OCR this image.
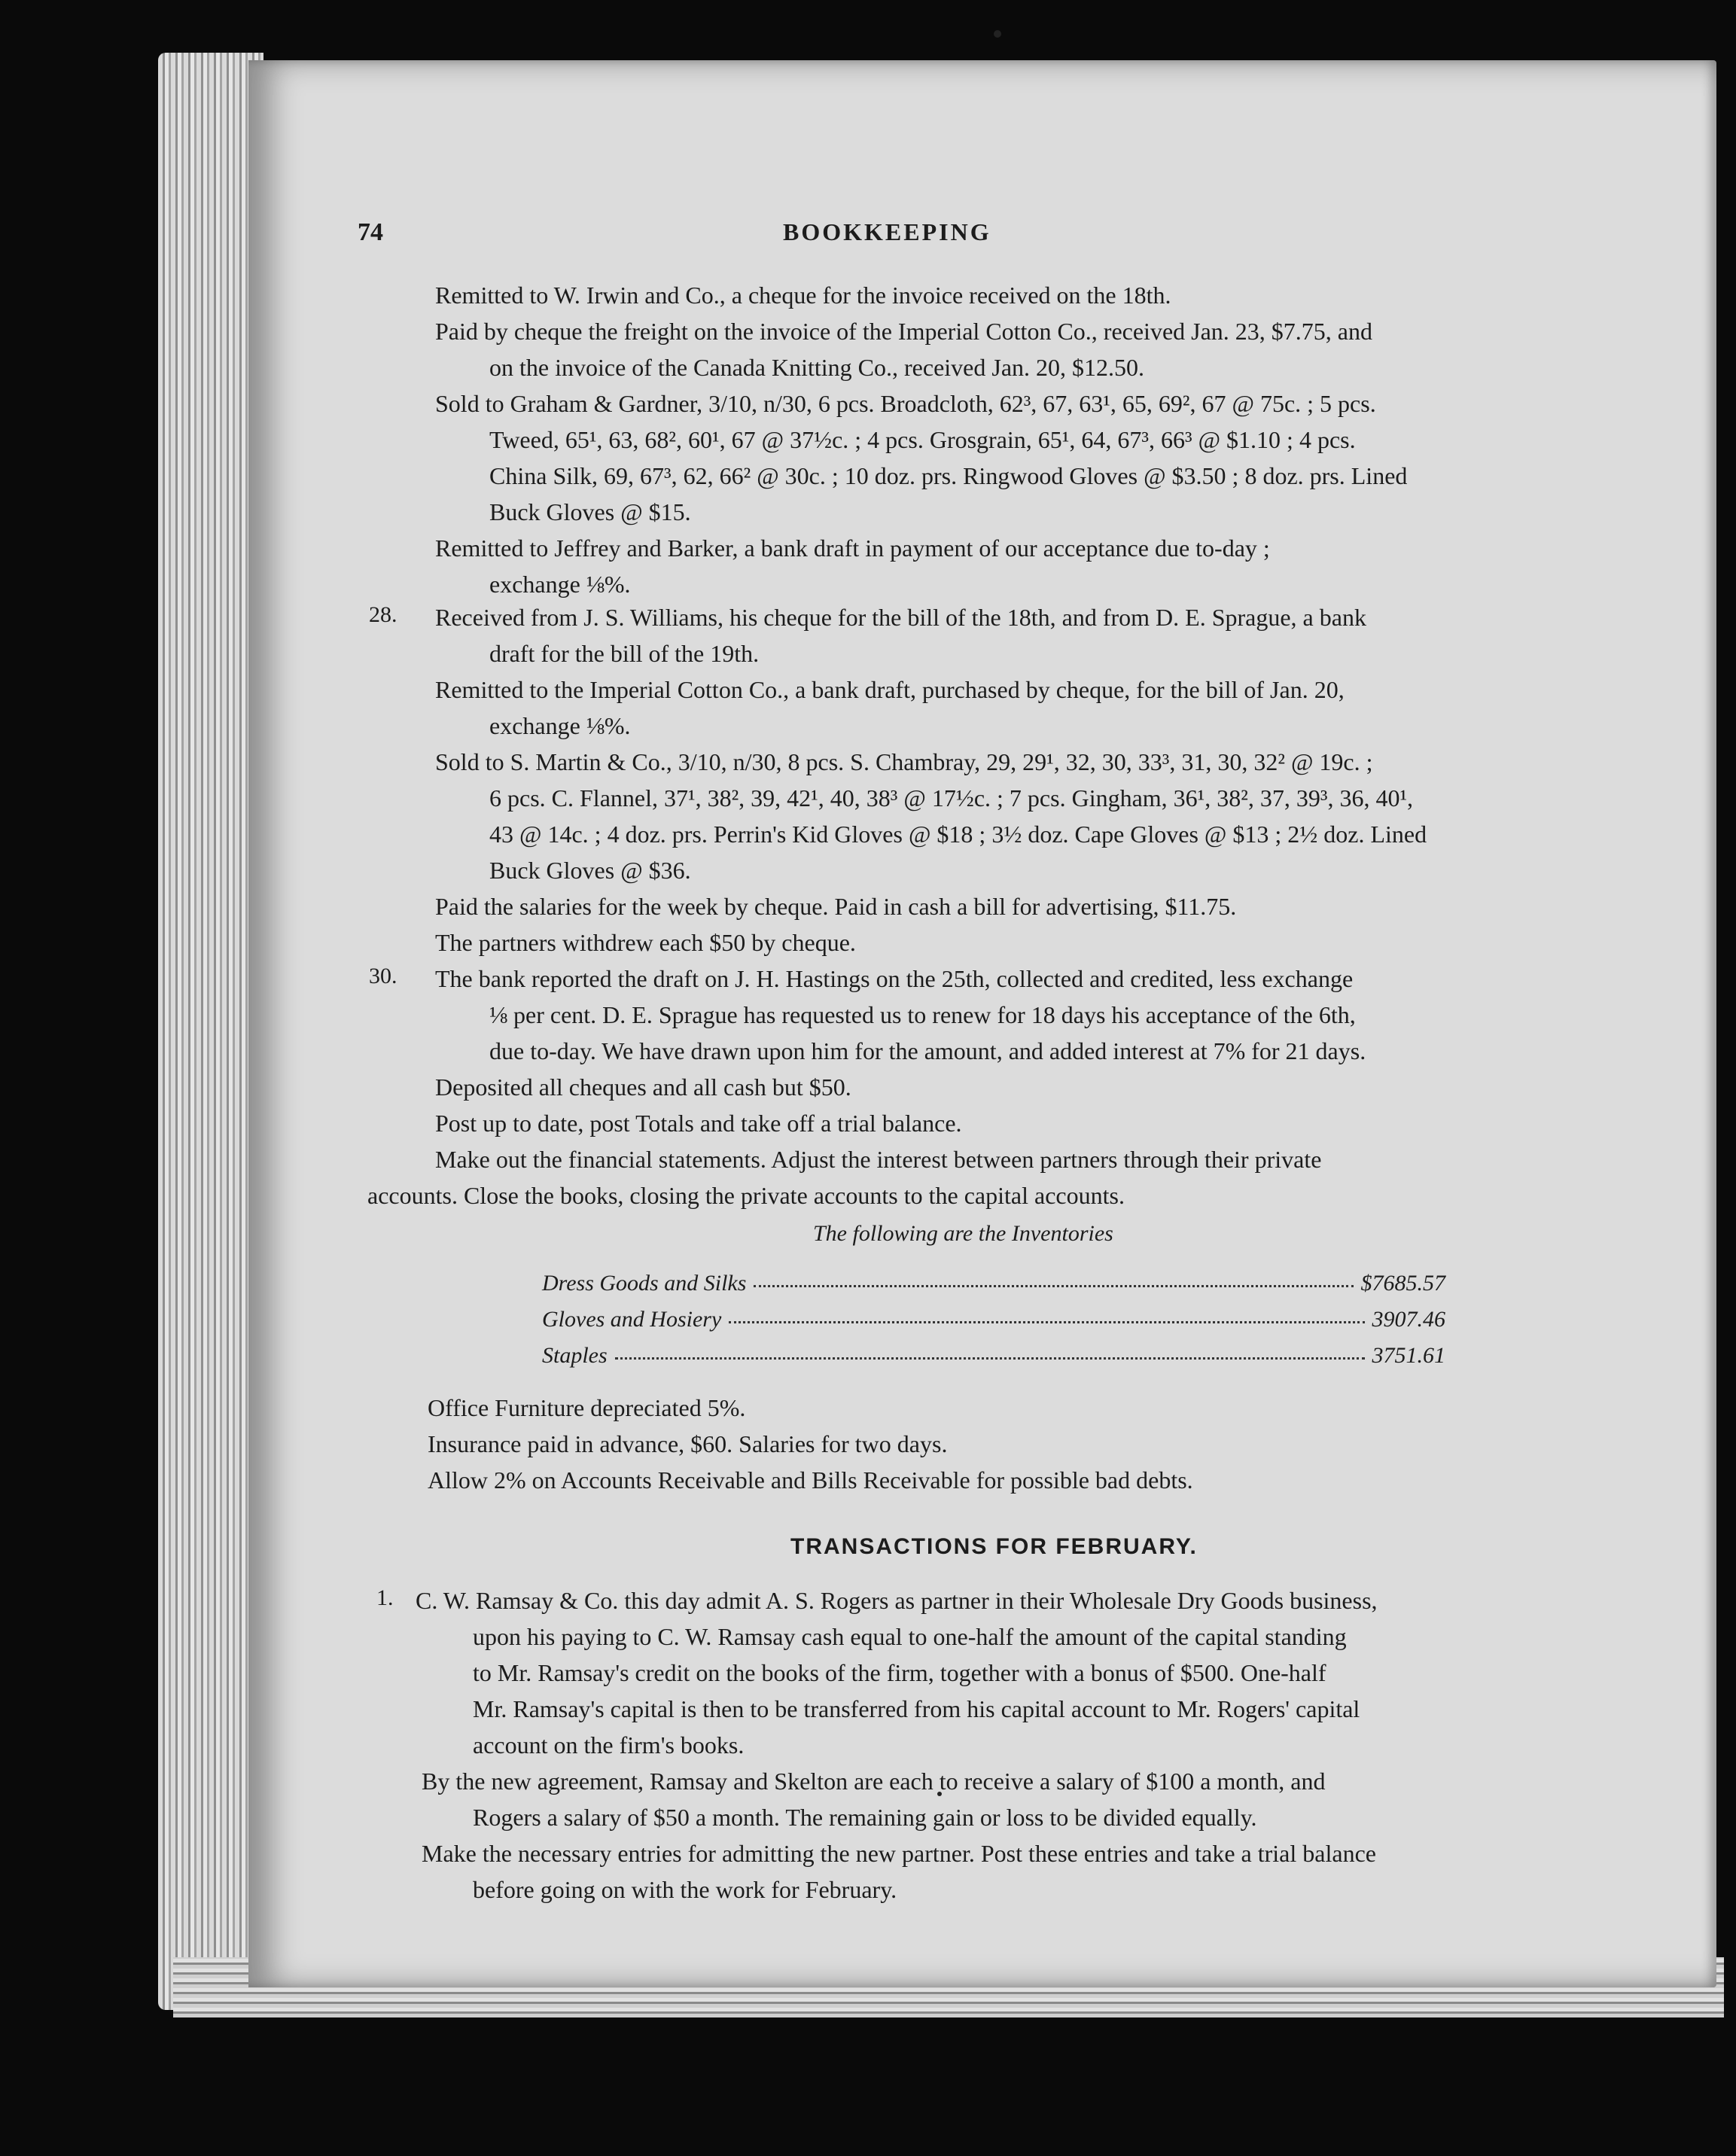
74	BOOKKEEPING
Remitted to W. Irwin and Co., a cheque for the invoice received on the 18th.
Paid by cheque the freight on the invoice of the Imperial Cotton Co., received Jan. 23, $7.75, and
on the invoice of the Canada Knitting Co., received Jan. 20, $12.50.
Sold to Graham & Gardner, 3/10, n/30, 6 pcs. Broadcloth, 62³, 67, 63¹, 65, 69², 67 @ 75c. ; 5 pcs.
Tweed, 65¹, 63, 68², 60¹, 67 @ 37½c. ; 4 pcs. Grosgrain, 65¹, 64, 67³, 66³ @ $1.10 ; 4 pcs.
China Silk, 69, 67³, 62, 66² @ 30c. ; 10 doz. prs. Ringwood Gloves @ $3.50 ; 8 doz. prs. Lined
Buck Gloves @ $15.
Remitted to Jeffrey and Barker, a bank draft in payment of our acceptance due to-day ;
exchange ⅛%.
28. Received from J. S. Williams, his cheque for the bill of the 18th, and from D. E. Sprague, a bank
draft for the bill of the 19th.
Remitted to the Imperial Cotton Co., a bank draft, purchased by cheque, for the bill of Jan. 20,
exchange ⅛%.
Sold to S. Martin & Co., 3/10, n/30, 8 pcs. S. Chambray, 29, 29¹, 32, 30, 33³, 31, 30, 32² @ 19c. ;
6 pcs. C. Flannel, 37¹, 38², 39, 42¹, 40, 38³ @ 17½c. ; 7 pcs. Gingham, 36¹, 38², 37, 39³, 36, 40¹,
43 @ 14c. ; 4 doz. prs. Perrin's Kid Gloves @ $18 ; 3½ doz. Cape Gloves @ $13 ; 2½ doz. Lined
Buck Gloves @ $36.
Paid the salaries for the week by cheque. Paid in cash a bill for advertising, $11.75.
The partners withdrew each $50 by cheque.
30. The bank reported the draft on J. H. Hastings on the 25th, collected and credited, less exchange
⅛ per cent. D. E. Sprague has requested us to renew for 18 days his acceptance of the 6th,
due to-day. We have drawn upon him for the amount, and added interest at 7% for 21 days.
Deposited all cheques and all cash but $50.
Post up to date, post Totals and take off a trial balance.
Make out the financial statements. Adjust the interest between partners through their private
accounts. Close the books, closing the private accounts to the capital accounts.
The following are the Inventories
Dress Goods and Silks	$7685.57
Gloves and Hosiery	3907.46
Staples	3751.61
Office Furniture depreciated 5%.
Insurance paid in advance, $60. Salaries for two days.
Allow 2% on Accounts Receivable and Bills Receivable for possible bad debts.
TRANSACTIONS FOR FEBRUARY.
1. C. W. Ramsay & Co. this day admit A. S. Rogers as partner in their Wholesale Dry Goods business,
upon his paying to C. W. Ramsay cash equal to one-half the amount of the capital standing
to Mr. Ramsay's credit on the books of the firm, together with a bonus of $500. One-half
Mr. Ramsay's capital is then to be transferred from his capital account to Mr. Rogers' capital
account on the firm's books.
By the new agreement, Ramsay and Skelton are each to receive a salary of $100 a month, and
Rogers a salary of $50 a month. The remaining gain or loss to be divided equally.
Make the necessary entries for admitting the new partner. Post these entries and take a trial balance
before going on with the work for February.
